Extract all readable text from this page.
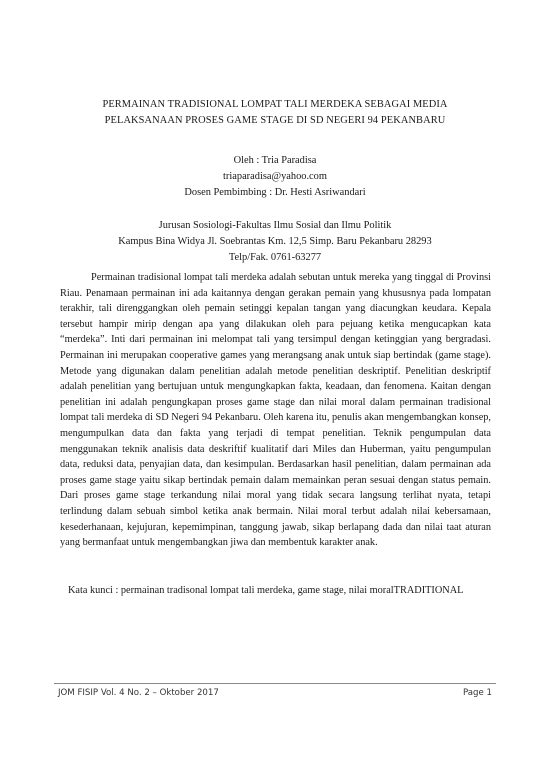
PERMAINAN TRADISIONAL LOMPAT TALI MERDEKA SEBAGAI MEDIA
PELAKSANAAN PROSES GAME STAGE DI SD NEGERI 94 PEKANBARU
Oleh : Tria Paradisa
triaparadisa@yahoo.com
Dosen Pembimbing : Dr. Hesti Asriwandari
Jurusan Sosiologi-Fakultas Ilmu Sosial dan Ilmu Politik
Kampus Bina Widya Jl. Soebrantas Km. 12,5 Simp. Baru Pekanbaru 28293
Telp/Fak. 0761-63277

Permainan tradisional lompat tali merdeka adalah sebutan untuk mereka yang tinggal di Provinsi Riau. Penamaan permainan ini ada kaitannya dengan gerakan pemain yang khususnya pada lompatan terakhir, tali direnggangkan oleh pemain setinggi kepalan tangan yang diacungkan keudara. Kepala tersebut hampir mirip dengan apa yang dilakukan oleh para pejuang ketika mengucapkan kata “merdeka”. Inti dari permainan ini melompat tali yang tersimpul dengan ketinggian yang bergradasi. Permainan ini merupakan cooperative games yang merangsang anak untuk siap bertindak (game stage). Metode yang digunakan dalam penelitian adalah metode penelitian deskriptif. Penelitian deskriptif adalah penelitian yang bertujuan untuk mengungkapkan fakta, keadaan, dan fenomena. Kaitan dengan penelitian ini adalah pengungkapan proses game stage dan nilai moral dalam permainan tradisional lompat tali merdeka di SD Negeri 94 Pekanbaru. Oleh karena itu, penulis akan mengembangkan konsep, mengumpulkan data dan fakta yang terjadi di tempat penelitian. Teknik pengumpulan data menggunakan teknik analisis data deskriftif kualitatif dari Miles dan Huberman, yaitu pengumpulan data, reduksi data, penyajian data, dan kesimpulan. Berdasarkan hasil penelitian, dalam permainan ada proses game stage yaitu sikap bertindak pemain dalam memainkan peran sesuai dengan status pemain. Dari proses game stage terkandung nilai moral yang tidak secara langsung terlihat nyata, tetapi terlindung dalam sebuah simbol ketika anak bermain. Nilai moral terbut adalah nilai kebersamaan, kesederhanaan, kejujuran, kepemimpinan, tanggung jawab, sikap berlapang dada dan nilai taat aturan yang bermanfaat untuk mengembangkan jiwa dan membentuk karakter anak.

Kata kunci : permainan tradisonal lompat tali merdeka, game stage, nilai moralTRADITIONAL
JOM FISIP Vol. 4 No. 2 – Oktober 2017	Page 1
